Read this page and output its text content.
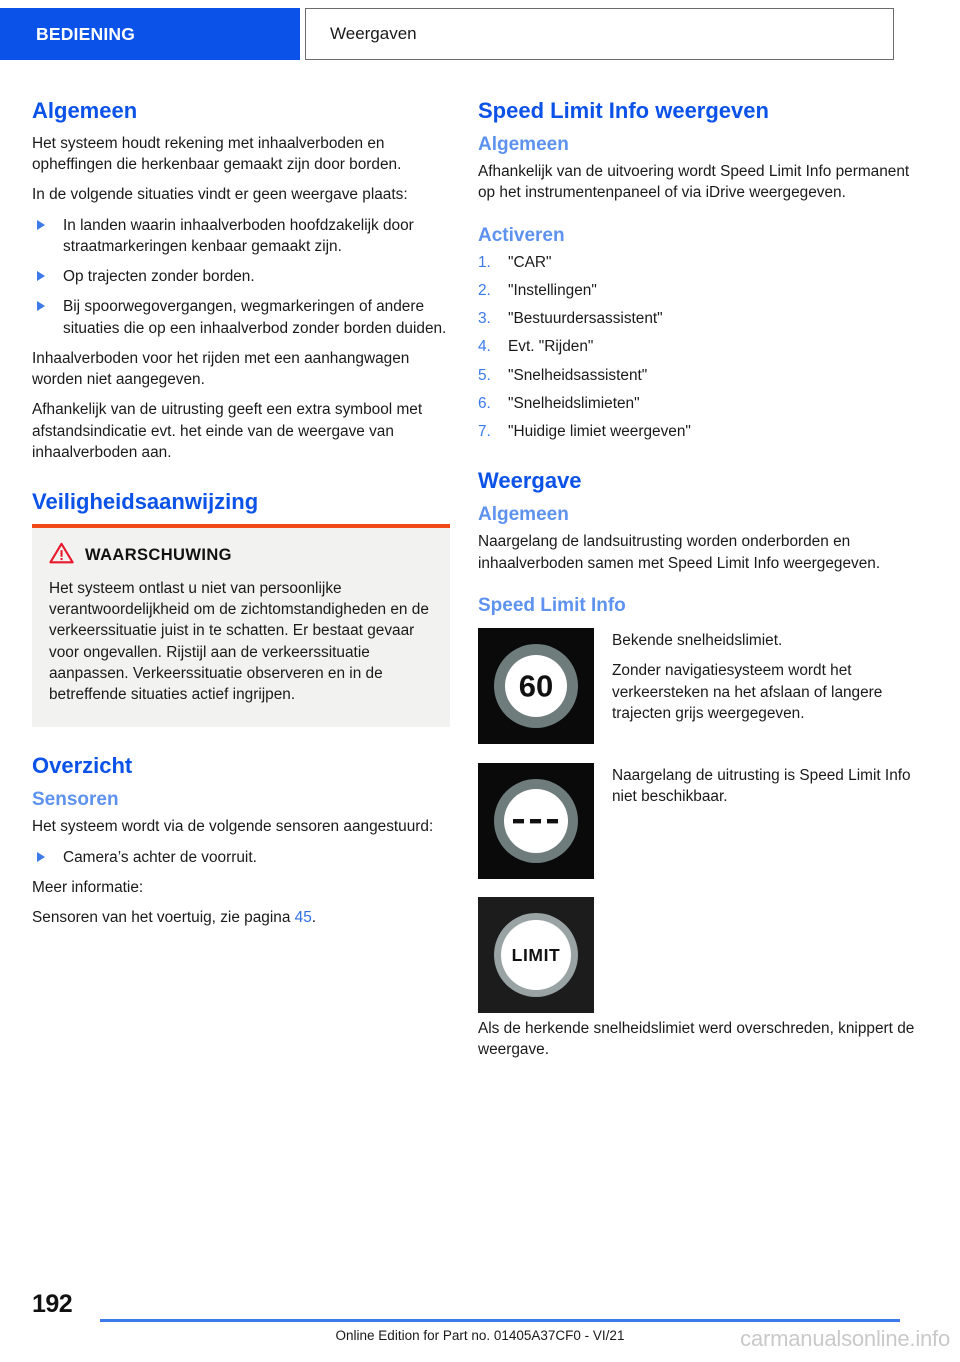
BEDIENING	Weergaven
Algemeen

Het systeem houdt rekening met inhaalverboden en opheffingen die herkenbaar gemaakt zijn door borden.

In de volgende situaties vindt er geen weergave plaats:

In landen waarin inhaalverboden hoofdzakelijk door straatmarkeringen kenbaar gemaakt zijn.
Op trajecten zonder borden.
Bij spoorwegovergangen, wegmarkeringen of andere situaties die op een inhaalverbod zonder borden duiden.

Inhaalverboden voor het rijden met een aanhangwagen worden niet aangegeven.

Afhankelijk van de uitrusting geeft een extra symbool met afstandsindicatie evt. het einde van de weergave van inhaalverboden aan.

Veiligheidsaanwijzing
WAARSCHUWING

Het systeem ontlast u niet van persoonlijke verantwoordelijkheid om de zichtomstandigheden en de verkeerssituatie juist in te schatten. Er bestaat gevaar voor ongevallen. Rijstijl aan de verkeerssituatie aanpassen. Verkeerssituatie observeren en in de betreffende situaties actief ingrijpen.

Overzicht
Sensoren

Het systeem wordt via de volgende sensoren aangestuurd:

Camera’s achter de voorruit.

Meer informatie:

Sensoren van het voertuig, zie pagina 45.

Speed Limit Info weergeven
Algemeen

Afhankelijk van de uitvoering wordt Speed Limit Info permanent op het instrumentenpaneel of via iDrive weergegeven.

Activeren
1. "CAR"
2. "Instellingen"
3. "Bestuurdersassistent"
4. Evt. "Rijden"
5. "Snelheidsassistent"
6. "Snelheidslimieten"
7. "Huidige limiet weergeven"
Weergave
Algemeen

Naargelang de landsuitrusting worden onderborden en inhaalverboden samen met Speed Limit Info weergegeven.

Speed Limit Info
60

Bekende snelheidslimiet.

Zonder navigatiesysteem wordt het verkeersteken na het afslaan of langere trajecten grijs weergegeven.

Naargelang de uitrusting is Speed Limit Info niet beschikbaar.

LIMIT

Als de herkende snelheidslimiet werd overschreden, knippert de weergave.

192
Online Edition for Part no. 01405A37CF0 - VI/21	carmanualsonline.info
